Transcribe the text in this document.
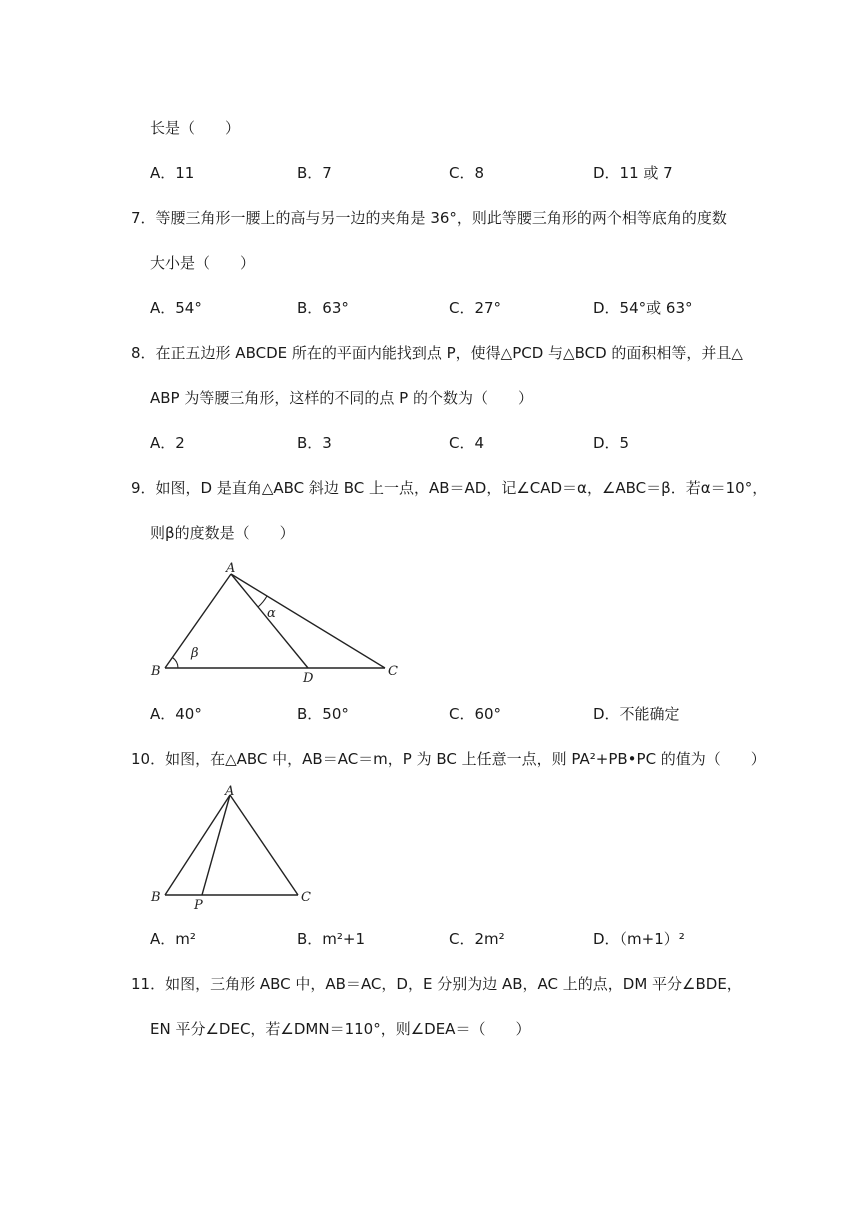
长是（　　）
A．11	B．7	C．8	D．11 或 7
7．等腰三角形一腰上的高与另一边的夹角是 36°，则此等腰三角形的两个相等底角的度数
大小是（　　）
A．54°	B．63°	C．27°	D．54°或 63°
8．在正五边形 ABCDE 所在的平面内能找到点 P，使得△PCD 与△BCD 的面积相等，并且△
ABP 为等腰三角形，这样的不同的点 P 的个数为（　　）
A．2	B．3	C．4	D．5
9．如图，D 是直角△ABC 斜边 BC 上一点，AB＝AD，记∠CAD＝α，∠ABC＝β．若α＝10°，
则β的度数是（　　）
A
B	C
D
α
β
A．40°	B．50°	C．60°	D．不能确定
10．如图，在△ABC 中，AB＝AC＝m，P 为 BC 上任意一点，则 PA²+PB•PC 的值为（　　）
A
B	C
P
A．m²	B．m²+1	C．2m²	D．（m+1）²
11．如图，三角形 ABC 中，AB＝AC，D，E 分别为边 AB，AC 上的点，DM 平分∠BDE，
EN 平分∠DEC，若∠DMN＝110°，则∠DEA＝（　　）
